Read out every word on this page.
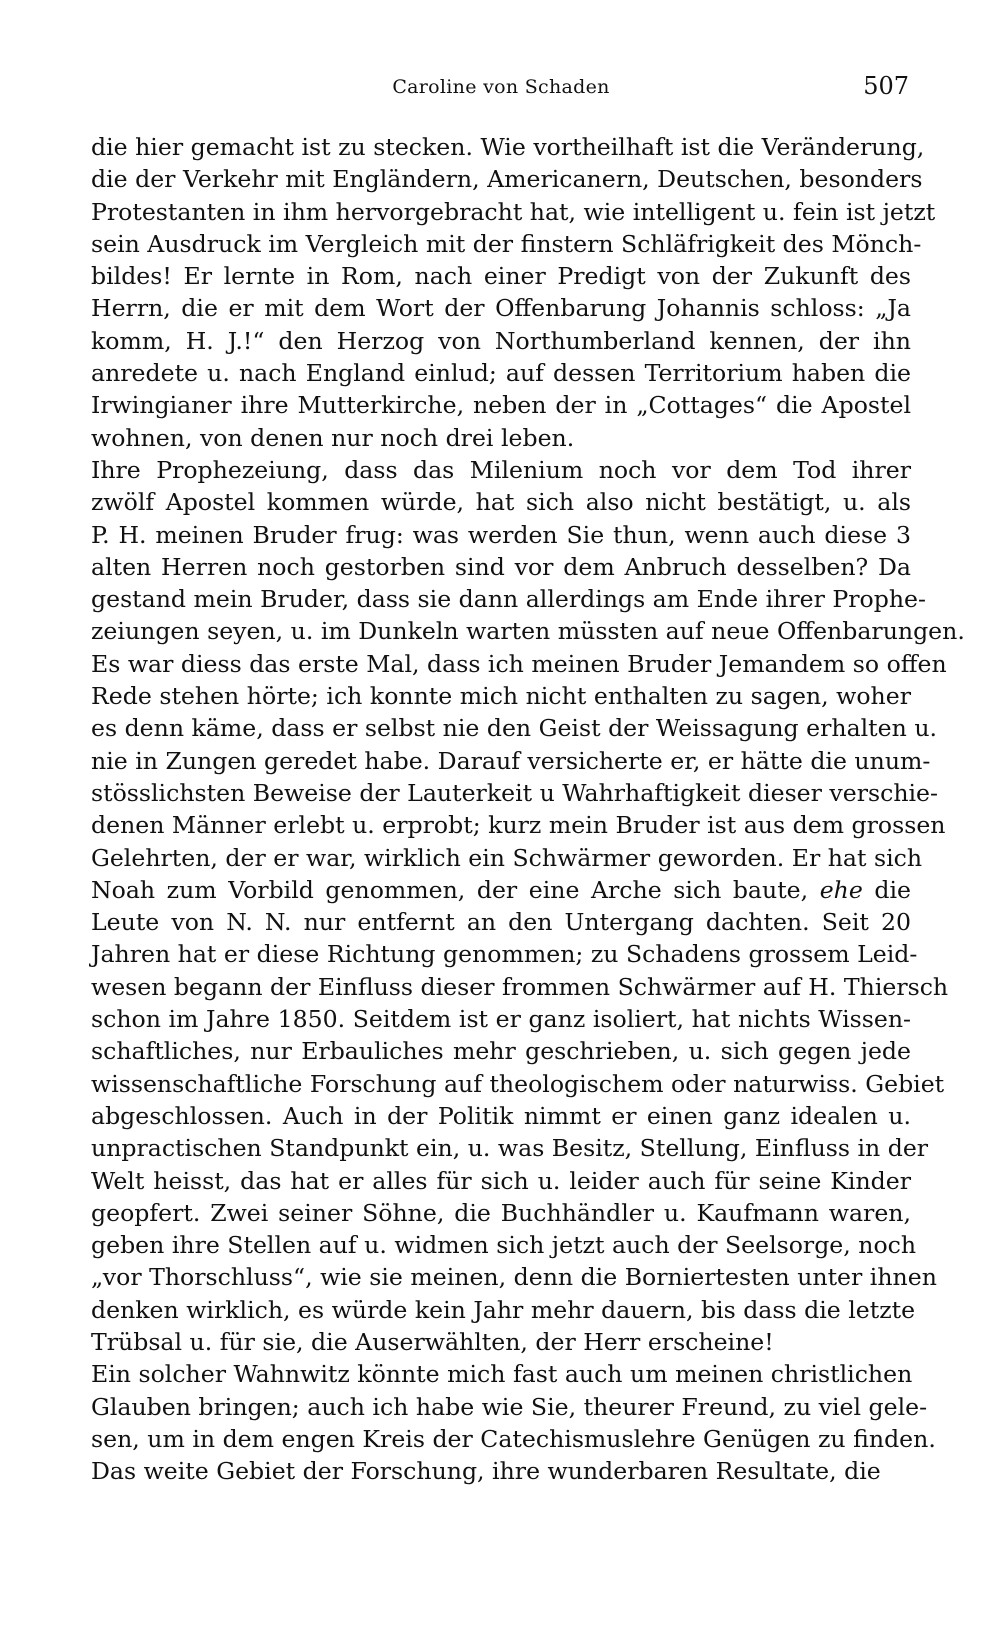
Caroline von Schaden	507
die hier gemacht ist zu stecken. Wie vortheilhaft ist die Veränderung,
die der Verkehr mit Engländern, Americanern, Deutschen, besonders
Protestanten in ihm hervorgebracht hat, wie intelligent u. fein ist jetzt
sein Ausdruck im Vergleich mit der finstern Schläfrigkeit des Mönch-
bildes! Er lernte in Rom, nach einer Predigt von der Zukunft des
Herrn, die er mit dem Wort der Offenbarung Johannis schloss: „Ja
komm, H. J.!“ den Herzog von Northumberland kennen, der ihn
anredete u. nach England einlud; auf dessen Territorium haben die
Irwingianer ihre Mutterkirche, neben der in „Cottages“ die Apostel
wohnen, von denen nur noch drei leben.
Ihre Prophezeiung, dass das Milenium noch vor dem Tod ihrer
zwölf Apostel kommen würde, hat sich also nicht bestätigt, u. als
P. H. meinen Bruder frug: was werden Sie thun, wenn auch diese 3
alten Herren noch gestorben sind vor dem Anbruch desselben? Da
gestand mein Bruder, dass sie dann allerdings am Ende ihrer Prophe-
zeiungen seyen, u. im Dunkeln warten müssten auf neue Offenbarungen.
Es war diess das erste Mal, dass ich meinen Bruder Jemandem so offen
Rede stehen hörte; ich konnte mich nicht enthalten zu sagen, woher
es denn käme, dass er selbst nie den Geist der Weissagung erhalten u.
nie in Zungen geredet habe. Darauf versicherte er, er hätte die unum-
stösslichsten Beweise der Lauterkeit u Wahrhaftigkeit dieser verschie-
denen Männer erlebt u. erprobt; kurz mein Bruder ist aus dem grossen
Gelehrten, der er war, wirklich ein Schwärmer geworden. Er hat sich
Noah zum Vorbild genommen, der eine Arche sich baute, ehe die
Leute von N. N. nur entfernt an den Untergang dachten. Seit 20
Jahren hat er diese Richtung genommen; zu Schadens grossem Leid-
wesen begann der Einfluss dieser frommen Schwärmer auf H. Thiersch
schon im Jahre 1850. Seitdem ist er ganz isoliert, hat nichts Wissen-
schaftliches, nur Erbauliches mehr geschrieben, u. sich gegen jede
wissenschaftliche Forschung auf theologischem oder naturwiss. Gebiet
abgeschlossen. Auch in der Politik nimmt er einen ganz idealen u.
unpractischen Standpunkt ein, u. was Besitz, Stellung, Einfluss in der
Welt heisst, das hat er alles für sich u. leider auch für seine Kinder
geopfert. Zwei seiner Söhne, die Buchhändler u. Kaufmann waren,
geben ihre Stellen auf u. widmen sich jetzt auch der Seelsorge, noch
„vor Thorschluss“, wie sie meinen, denn die Borniertesten unter ihnen
denken wirklich, es würde kein Jahr mehr dauern, bis dass die letzte
Trübsal u. für sie, die Auserwählten, der Herr erscheine!
Ein solcher Wahnwitz könnte mich fast auch um meinen christlichen
Glauben bringen; auch ich habe wie Sie, theurer Freund, zu viel gele-
sen, um in dem engen Kreis der Catechismuslehre Genügen zu finden.
Das weite Gebiet der Forschung, ihre wunderbaren Resultate, die
